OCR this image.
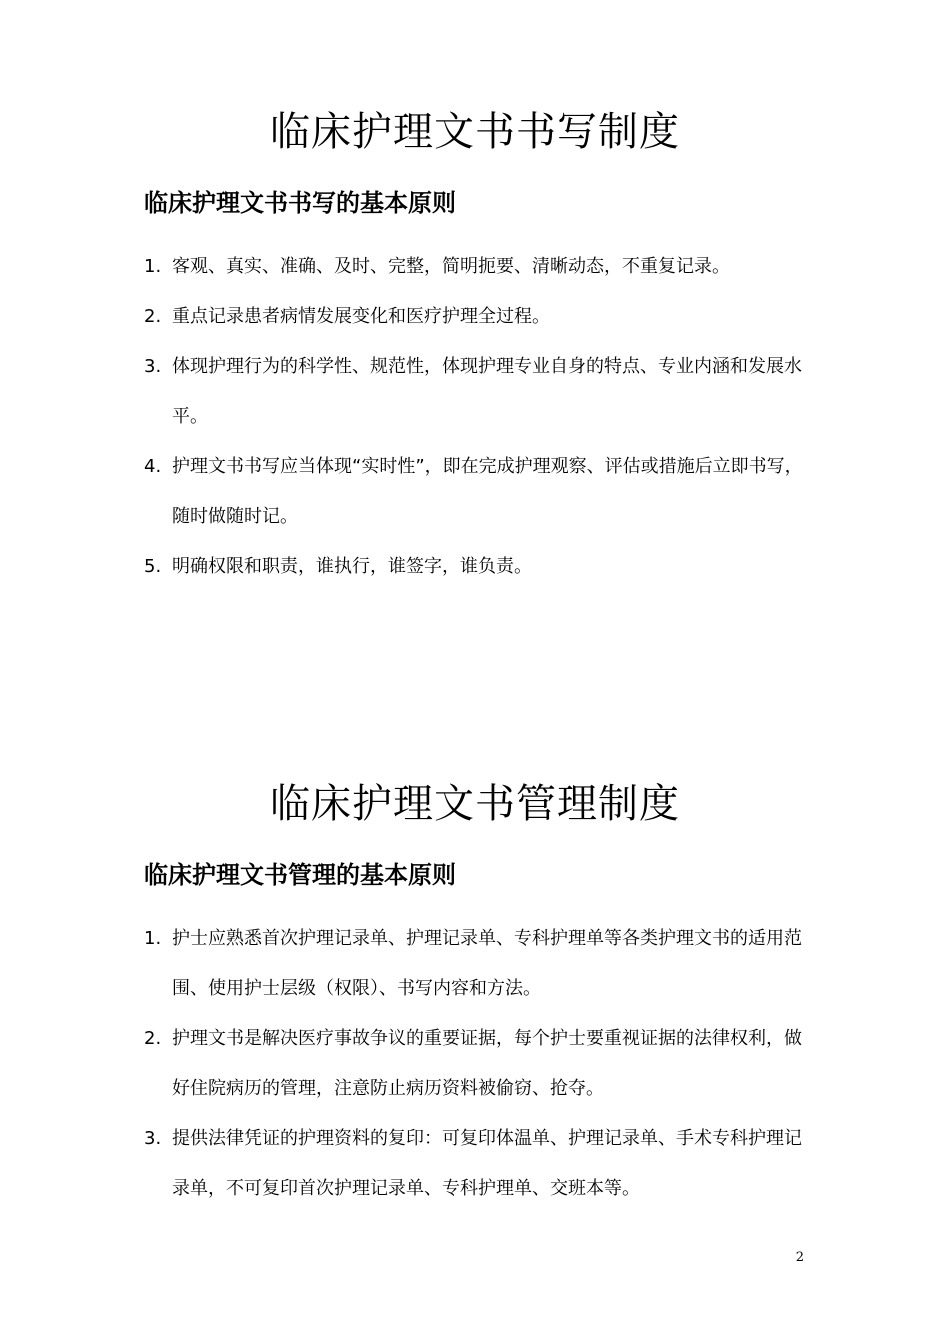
临床护理文书书写制度
临床护理文书书写的基本原则
1. 客观、真实、准确、及时、完整，简明扼要、清晰动态，不重复记录。
2. 重点记录患者病情发展变化和医疗护理全过程。
3. 体现护理行为的科学性、规范性，体现护理专业自身的特点、专业内涵和发展水平。
4. 护理文书书写应当体现“实时性”，即在完成护理观察、评估或措施后立即书写，随时做随时记。
5. 明确权限和职责，谁执行，谁签字，谁负责。
临床护理文书管理制度
临床护理文书管理的基本原则
1. 护士应熟悉首次护理记录单、护理记录单、专科护理单等各类护理文书的适用范围、使用护士层级（权限）、书写内容和方法。
2. 护理文书是解决医疗事故争议的重要证据，每个护士要重视证据的法律权利，做好住院病历的管理，注意防止病历资料被偷窃、抢夺。
3. 提供法律凭证的护理资料的复印：可复印体温单、护理记录单、手术专科护理记录单，不可复印首次护理记录单、专科护理单、交班本等。
2
